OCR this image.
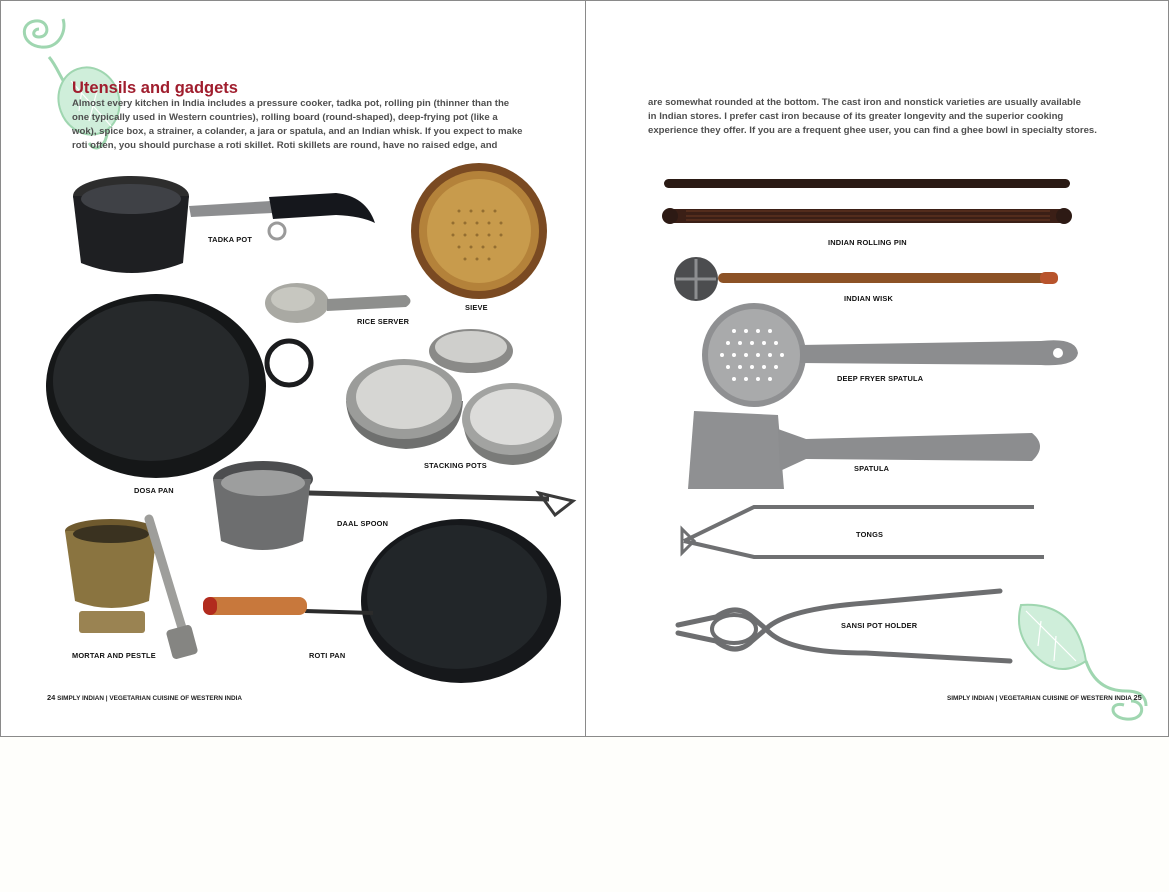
Utensils and gadgets
Almost every kitchen in India includes a pressure cooker, tadka pot, rolling pin (thinner than the
one typically used in Western countries), rolling board (round-shaped), deep-frying pot (like a
wok), spice box, a strainer, a colander, a jara or spatula, and an Indian whisk. If you expect to make
roti often, you should purchase a roti skillet. Roti skillets are round, have no raised edge, and
TADKA POT
SIEVE
RICE SERVER
STACKING POTS
DOSA PAN
DAAL SPOON
MORTAR AND PESTLE	ROTI PAN
24 SIMPLY INDIAN | VEGETARIAN CUISINE OF WESTERN INDIA
are somewhat rounded at the bottom. The cast iron and nonstick varieties are usually available
in Indian stores. I prefer cast iron because of its greater longevity and the superior cooking
experience they offer. If you are a frequent ghee user, you can find a ghee bowl in specialty stores.
INDIAN ROLLING PIN
INDIAN WISK
DEEP FRYER SPATULA
SPATULA
TONGS
SANSI POT HOLDER
SIMPLY INDIAN | VEGETARIAN CUISINE OF WESTERN INDIA 25
